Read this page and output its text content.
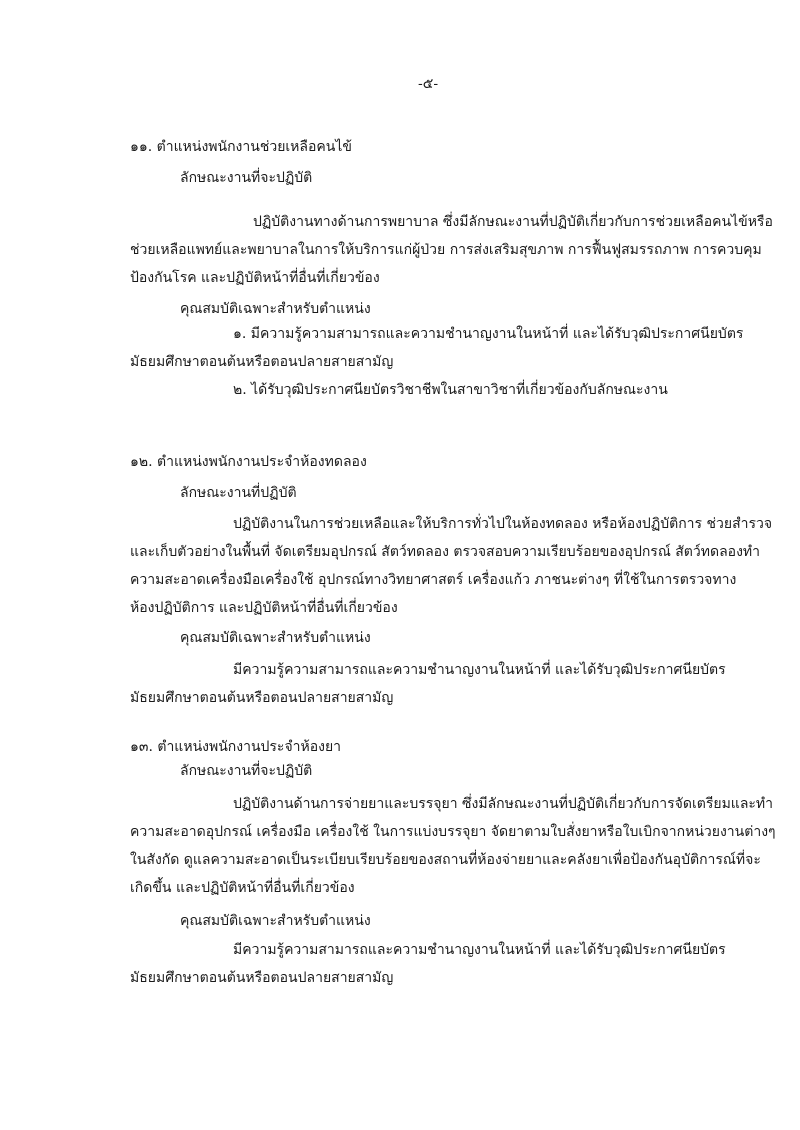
-๕-
๑๑. ตำแหน่งพนักงานช่วยเหลือคนไข้
ลักษณะงานที่จะปฏิบัติ
ปฏิบัติงานทางด้านการพยาบาล ซึ่งมีลักษณะงานที่ปฏิบัติเกี่ยวกับการช่วยเหลือคนไข้หรือ
ช่วยเหลือแพทย์และพยาบาลในการให้บริการแก่ผู้ป่วย การส่งเสริมสุขภาพ การฟื้นฟูสมรรถภาพ การควบคุม
ป้องกันโรค และปฏิบัติหน้าที่อื่นที่เกี่ยวข้อง
คุณสมบัติเฉพาะสำหรับตำแหน่ง
๑. มีความรู้ความสามารถและความชำนาญงานในหน้าที่ และได้รับวุฒิประกาศนียบัตร
มัธยมศึกษาตอนต้นหรือตอนปลายสายสามัญ
๒. ได้รับวุฒิประกาศนียบัตรวิชาชีพในสาขาวิชาที่เกี่ยวข้องกับลักษณะงาน
๑๒. ตำแหน่งพนักงานประจำห้องทดลอง
ลักษณะงานที่ปฏิบัติ
ปฏิบัติงานในการช่วยเหลือและให้บริการทั่วไปในห้องทดลอง หรือห้องปฏิบัติการ ช่วยสำรวจ
และเก็บตัวอย่างในพื้นที่ จัดเตรียมอุปกรณ์ สัตว์ทดลอง ตรวจสอบความเรียบร้อยของอุปกรณ์ สัตว์ทดลองทำ
ความสะอาดเครื่องมือเครื่องใช้ อุปกรณ์ทางวิทยาศาสตร์ เครื่องแก้ว ภาชนะต่างๆ ที่ใช้ในการตรวจทาง
ห้องปฏิบัติการ และปฏิบัติหน้าที่อื่นที่เกี่ยวข้อง
คุณสมบัติเฉพาะสำหรับตำแหน่ง
มีความรู้ความสามารถและความชำนาญงานในหน้าที่ และได้รับวุฒิประกาศนียบัตร
มัธยมศึกษาตอนต้นหรือตอนปลายสายสามัญ
๑๓. ตำแหน่งพนักงานประจำห้องยา
ลักษณะงานที่จะปฏิบัติ
ปฏิบัติงานด้านการจ่ายยาและบรรจุยา ซึ่งมีลักษณะงานที่ปฏิบัติเกี่ยวกับการจัดเตรียมและทำ
ความสะอาดอุปกรณ์ เครื่องมือ เครื่องใช้ ในการแบ่งบรรจุยา จัดยาตามใบสั่งยาหรือใบเบิกจากหน่วยงานต่างๆ
ในสังกัด ดูแลความสะอาดเป็นระเบียบเรียบร้อยของสถานที่ห้องจ่ายยาและคลังยาเพื่อป้องกันอุบัติการณ์ที่จะ
เกิดขึ้น และปฏิบัติหน้าที่อื่นที่เกี่ยวข้อง
คุณสมบัติเฉพาะสำหรับตำแหน่ง
มีความรู้ความสามารถและความชำนาญงานในหน้าที่ และได้รับวุฒิประกาศนียบัตร
มัธยมศึกษาตอนต้นหรือตอนปลายสายสามัญ
